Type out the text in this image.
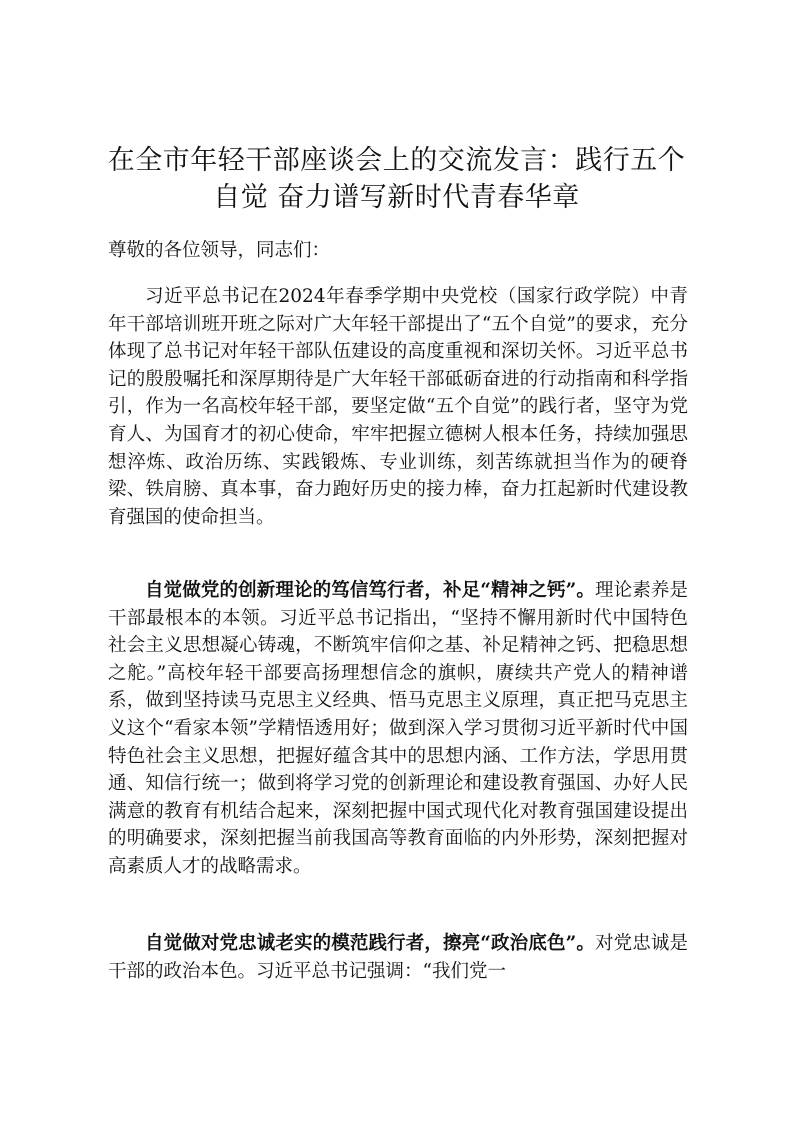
在全市年轻干部座谈会上的交流发言：践行五个自觉 奋力谱写新时代青春华章
尊敬的各位领导，同志们：
习近平总书记在2024年春季学期中央党校（国家行政学院）中青年干部培训班开班之际对广大年轻干部提出了“五个自觉”的要求，充分体现了总书记对年轻干部队伍建设的高度重视和深切关怀。习近平总书记的殷殷嘱托和深厚期待是广大年轻干部砥砺奋进的行动指南和科学指引，作为一名高校年轻干部，要坚定做“五个自觉”的践行者，坚守为党育人、为国育才的初心使命，牢牢把握立德树人根本任务，持续加强思想淬炼、政治历练、实践锻炼、专业训练，刻苦练就担当作为的硬脊梁、铁肩膀、真本事，奋力跑好历史的接力棒，奋力扛起新时代建设教育强国的使命担当。
自觉做党的创新理论的笃信笃行者，补足“精神之钙”。理论素养是干部最根本的本领。习近平总书记指出，“坚持不懈用新时代中国特色社会主义思想凝心铸魂，不断筑牢信仰之基、补足精神之钙、把稳思想之舵。”高校年轻干部要高扬理想信念的旗帜，赓续共产党人的精神谱系，做到坚持读马克思主义经典、悟马克思主义原理，真正把马克思主义这个“看家本领”学精悟透用好；做到深入学习贯彻习近平新时代中国特色社会主义思想，把握好蕴含其中的思想内涵、工作方法，学思用贯通、知信行统一；做到将学习党的创新理论和建设教育强国、办好人民满意的教育有机结合起来，深刻把握中国式现代化对教育强国建设提出的明确要求，深刻把握当前我国高等教育面临的内外形势，深刻把握对高素质人才的战略需求。
自觉做对党忠诚老实的模范践行者，擦亮“政治底色”。对党忠诚是干部的政治本色。习近平总书记强调：“我们党一
